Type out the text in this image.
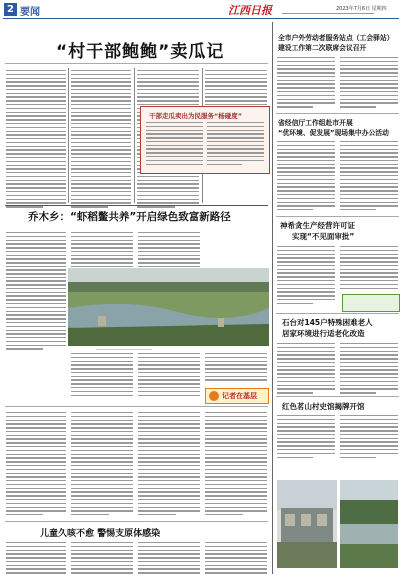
2 要闻	江西日报	2023年7月6日 星期四
“村干部鲍鲍”卖瓜记
干部走瓜卖出为民服务“杨碰度”
乔木乡：“虾稻鳖共养”开启绿色致富新路径
——————————————
记者在基层
儿童久咳不愈 警惕支原体感染
全市户外劳动者服务站点（工会驿站）
建设工作第二次联席会议召开
省经信厅工作组赴市开展
“优环境、促发展”现场集中办公活动
神希贪生产经营许可证
实现“不见面审批”
石台对145户特殊困难老人
居家环境进行适老化改造
红色茗山村史馆揭牌开馆
